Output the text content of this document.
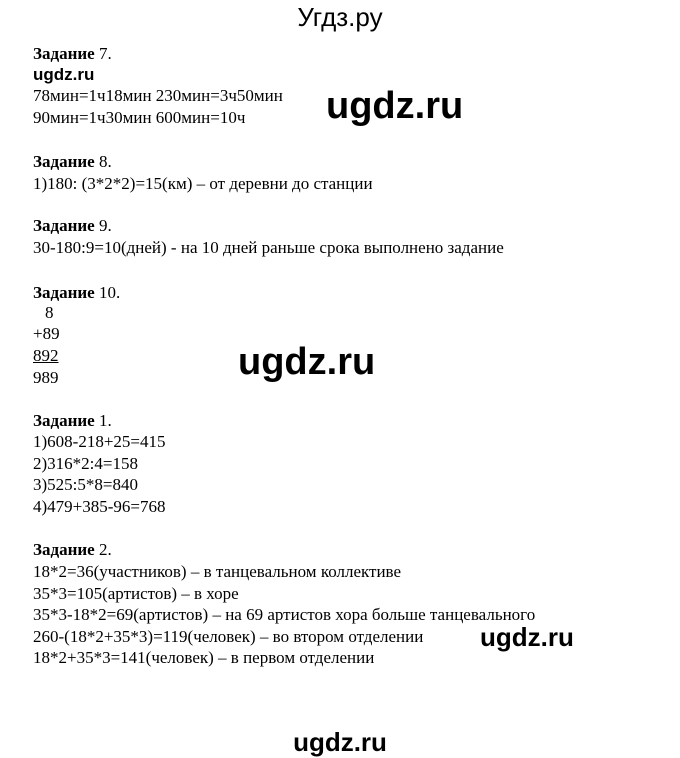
Угдз.ру
Задание 7.
ugdz.ru
78мин=1ч18мин 230мин=3ч50мин
90мин=1ч30мин 600мин=10ч ugdz.ru
Задание 8.
1)180: (3*2*2)=15(км) – от деревни до станции
Задание 9.
30-180:9=10(дней) - на 10 дней раньше срока выполнено задание
Задание 10.
8
+89
892
989	ugdz.ru
Задание 1.
1)608-218+25=415
2)316*2:4=158
3)525:5*8=840
4)479+385-96=768
Задание 2.
18*2=36(участников) – в танцевальном коллективе
35*3=105(артистов) – в хоре
35*3-18*2=69(артистов) – на 69 артистов хора больше танцевального
260-(18*2+35*3)=119(человек) – во втором отделении
18*2+35*3=141(человек) – в первом отделении
ugdz.ru
ugdz.ru
